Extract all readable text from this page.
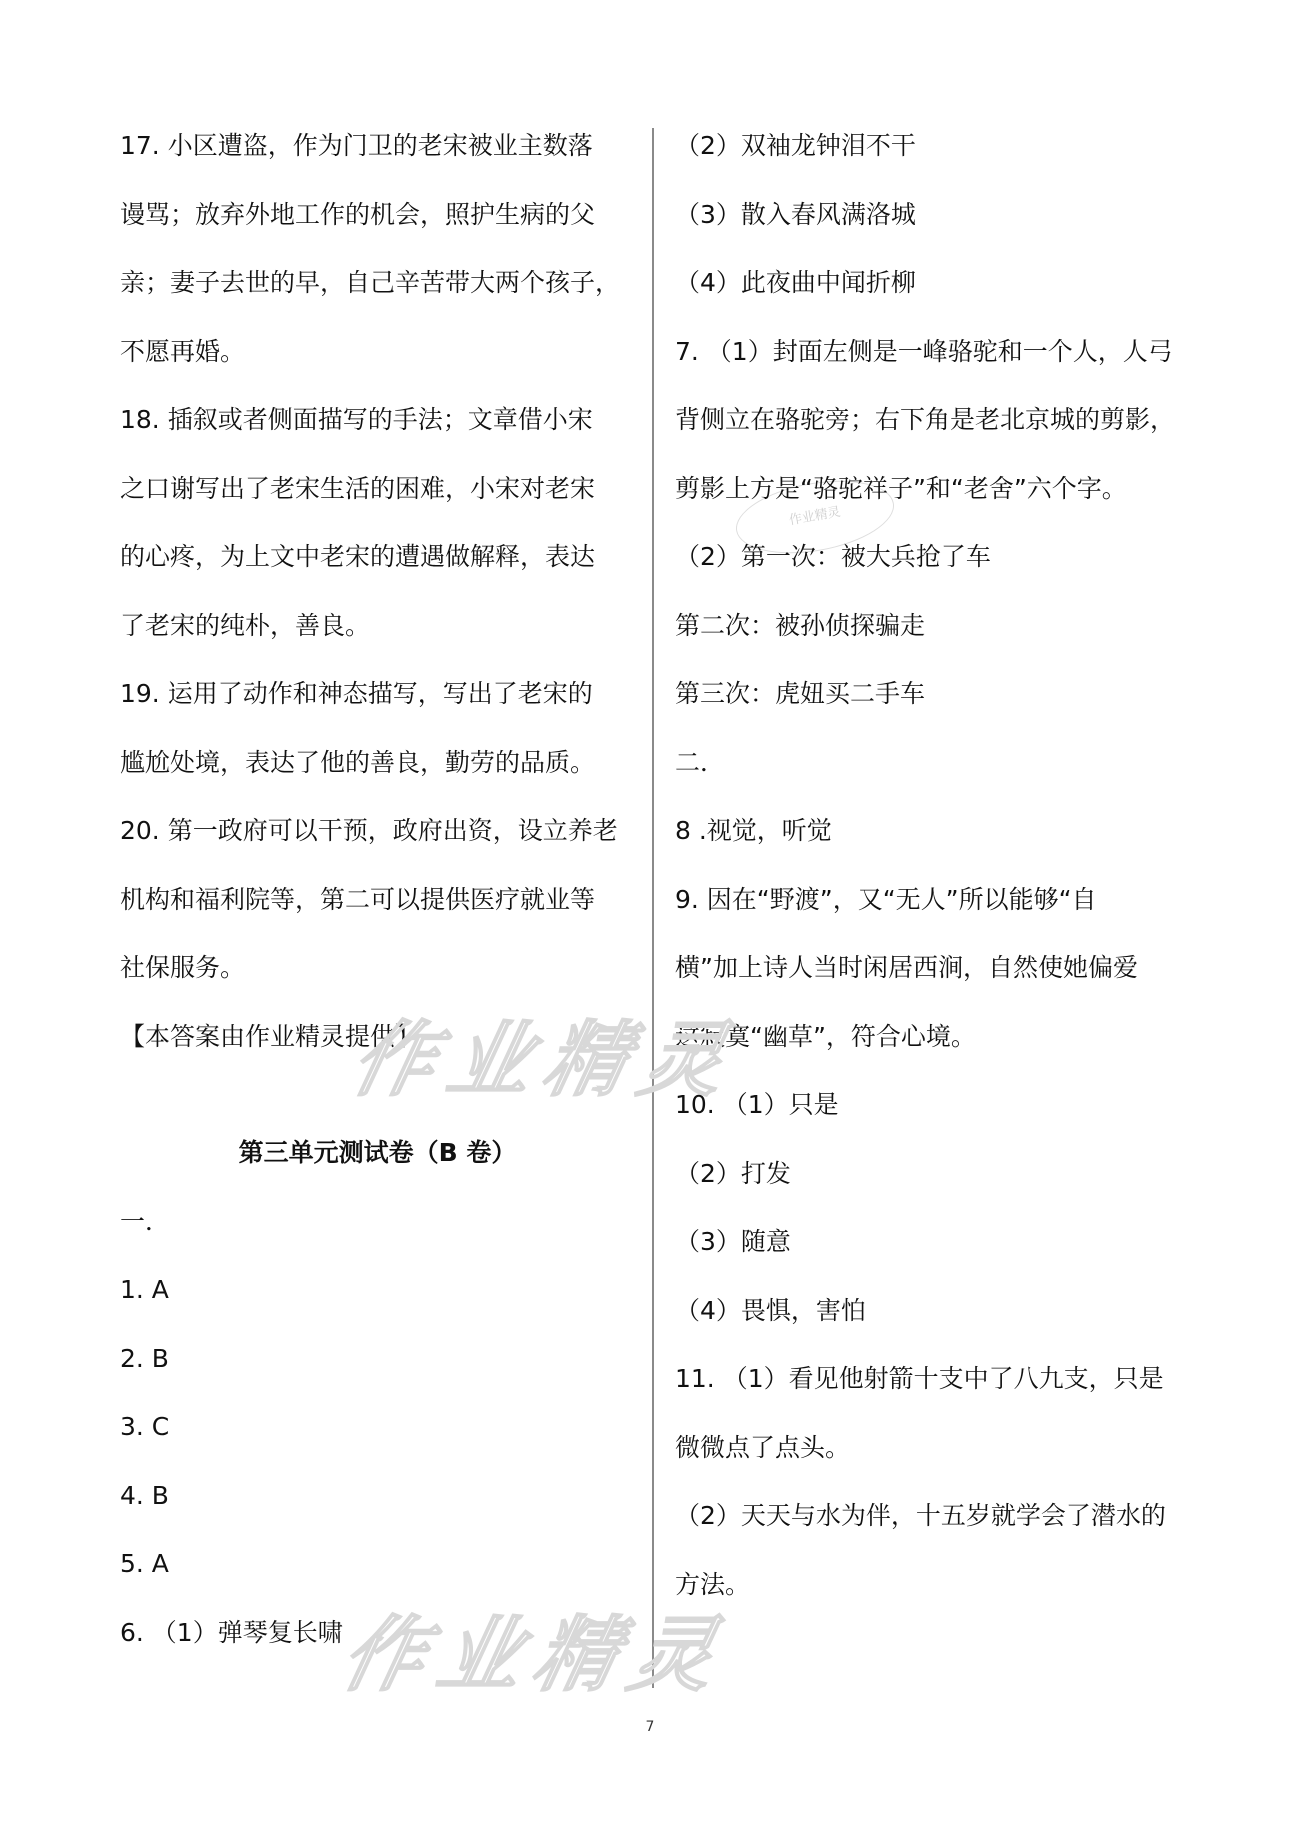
作业精灵
17. 小区遭盗，作为门卫的老宋被业主数落
谩骂；放弃外地工作的机会，照护生病的父
亲；妻子去世的早，自己辛苦带大两个孩子，
不愿再婚。
18. 插叙或者侧面描写的手法；文章借小宋
之口谢写出了老宋生活的困难，小宋对老宋
的心疼，为上文中老宋的遭遇做解释，表达
了老宋的纯朴，善良。
19. 运用了动作和神态描写，写出了老宋的
尴尬处境，表达了他的善良，勤劳的品质。
20. 第一政府可以干预，政府出资，设立养老
机构和福利院等，第二可以提供医疗就业等
社保服务。
【本答案由作业精灵提供】
第三单元测试卷（B 卷）
一．
1. A
2. B
3. C
4. B
5. A
6. （1）弹琴复长啸
（2）双袖龙钟泪不干
（3）散入春风满洛城
（4）此夜曲中闻折柳
7. （1）封面左侧是一峰骆驼和一个人，人弓
背侧立在骆驼旁；右下角是老北京城的剪影，
剪影上方是“骆驼祥子”和“老舍”六个字。
（2）第一次：被大兵抢了车
第二次：被孙侦探骗走
第三次：虎妞买二手车
二．
8 .视觉，听觉
9. 因在“野渡”，又“无人”所以能够“自
横”加上诗人当时闲居西涧，自然使她偏爱
这寂寞“幽草”，符合心境。
10. （1）只是
（2）打发
（3）随意
（4）畏惧，害怕
11. （1）看见他射箭十支中了八九支，只是
微微点了点头。
（2）天天与水为伴，十五岁就学会了潜水的
方法。
作业精灵
作业精灵
7
